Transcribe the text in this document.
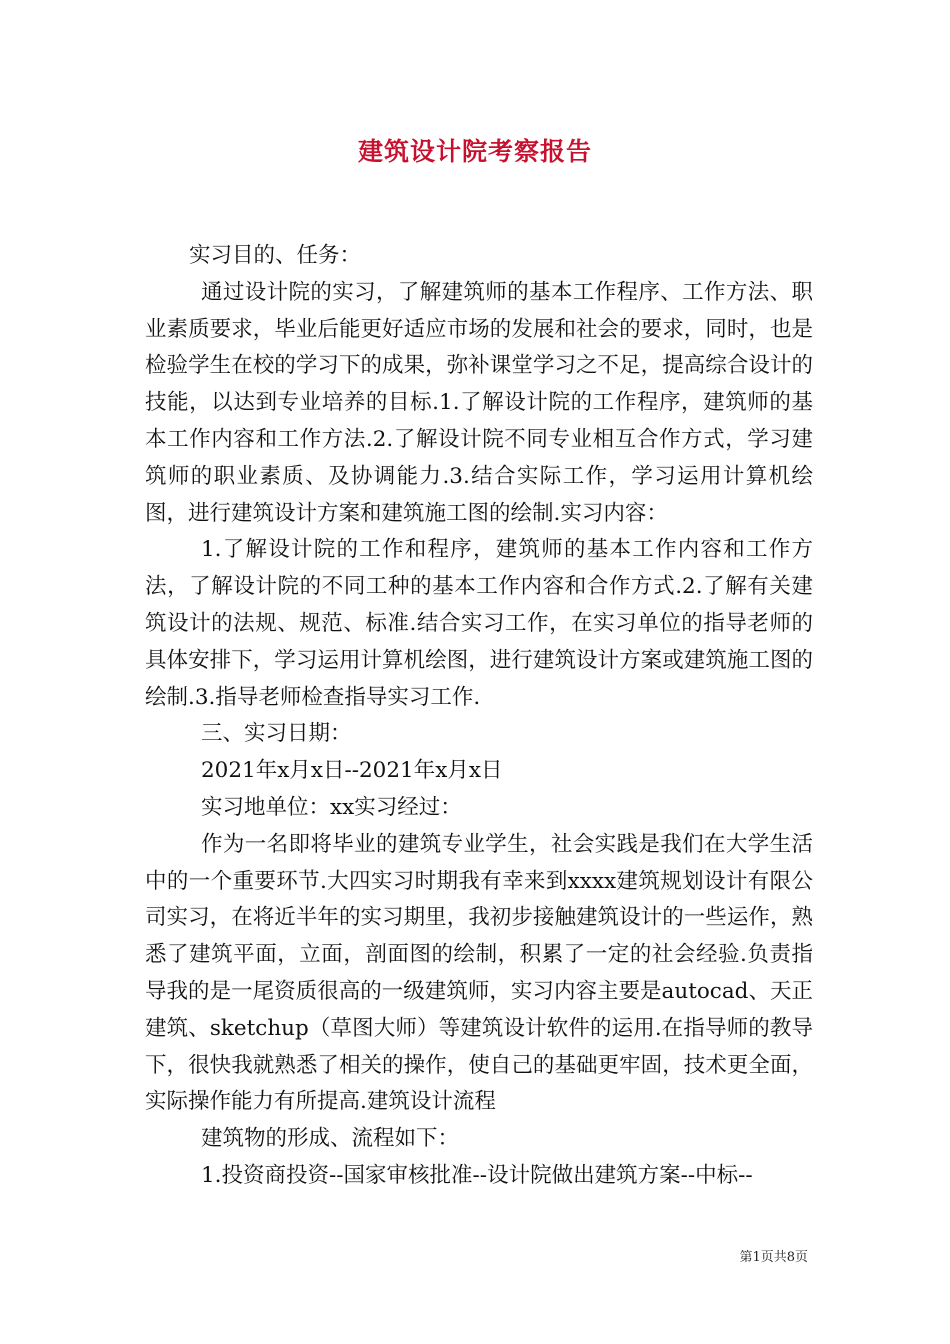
建筑设计院考察报告

实习目的、任务：

通过设计院的实习，了解建筑师的基本工作程序、工作方法、职业素质要求，毕业后能更好适应市场的发展和社会的要求，同时，也是检验学生在校的学习下的成果，弥补课堂学习之不足，提高综合设计的技能，以达到专业培养的目标.1.了解设计院的工作程序，建筑师的基本工作内容和工作方法.2.了解设计院不同专业相互合作方式，学习建筑师的职业素质、及协调能力.3.结合实际工作，学习运用计算机绘图，进行建筑设计方案和建筑施工图的绘制.实习内容：

1.了解设计院的工作和程序，建筑师的基本工作内容和工作方法，了解设计院的不同工种的基本工作内容和合作方式.2.了解有关建筑设计的法规、规范、标准.结合实习工作，在实习单位的指导老师的具体安排下，学习运用计算机绘图，进行建筑设计方案或建筑施工图的绘制.3.指导老师检查指导实习工作.

三、实习日期：

2021年x月x日--2021年x月x日

实习地单位：xx实习经过：

作为一名即将毕业的建筑专业学生，社会实践是我们在大学生活中的一个重要环节.大四实习时期我有幸来到xxxx建筑规划设计有限公司实习，在将近半年的实习期里，我初步接触建筑设计的一些运作，熟悉了建筑平面，立面，剖面图的绘制，积累了一定的社会经验.负责指导我的是一尾资质很高的一级建筑师，实习内容主要是autocad、天正建筑、sketchup（草图大师）等建筑设计软件的运用.在指导师的教导下，很快我就熟悉了相关的操作，使自己的基础更牢固，技术更全面，实际操作能力有所提高.建筑设计流程

建筑物的形成、流程如下：

1.投资商投资--国家审核批准--设计院做出建筑方案--中标--

第1页共8页
